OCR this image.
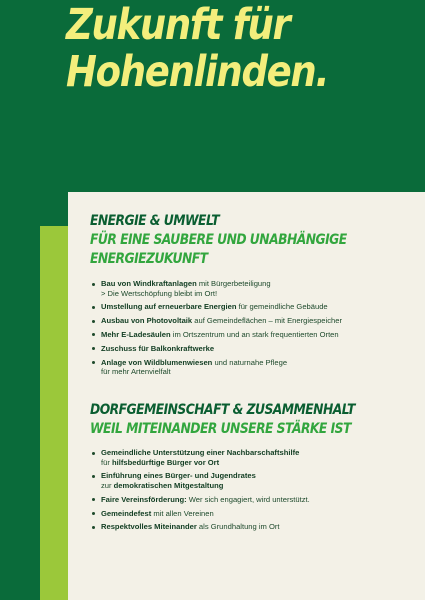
Zukunft für
Hohenlinden.
ENERGIE & UMWELT
FÜR EINE SAUBERE UND UNABHÄNGIGE
ENERGIEZUKUNFT
Bau von Windkraftanlagen mit Bürgerbeteiligung
> Die Wertschöpfung bleibt im Ort!
Umstellung auf erneuerbare Energien für gemeindliche Gebäude
Ausbau von Photovoltaik auf Gemeindeflächen – mit Energiespeicher
Mehr E-Ladesäulen im Ortszentrum und an stark frequentierten Orten
Zuschuss für Balkonkraftwerke
Anlage von Wildblumenwiesen und naturnahe Pflege
für mehr Artenvielfalt
DORFGEMEINSCHAFT & ZUSAMMENHALT
WEIL MITEINANDER UNSERE STÄRKE IST
Gemeindliche Unterstützung einer Nachbarschaftshilfe
für hilfsbedürftige Bürger vor Ort
Einführung eines Bürger- und Jugendrates
zur demokratischen Mitgestaltung
Faire Vereinsförderung: Wer sich engagiert, wird unterstützt.
Gemeindefest mit allen Vereinen
Respektvolles Miteinander als Grundhaltung im Ort
